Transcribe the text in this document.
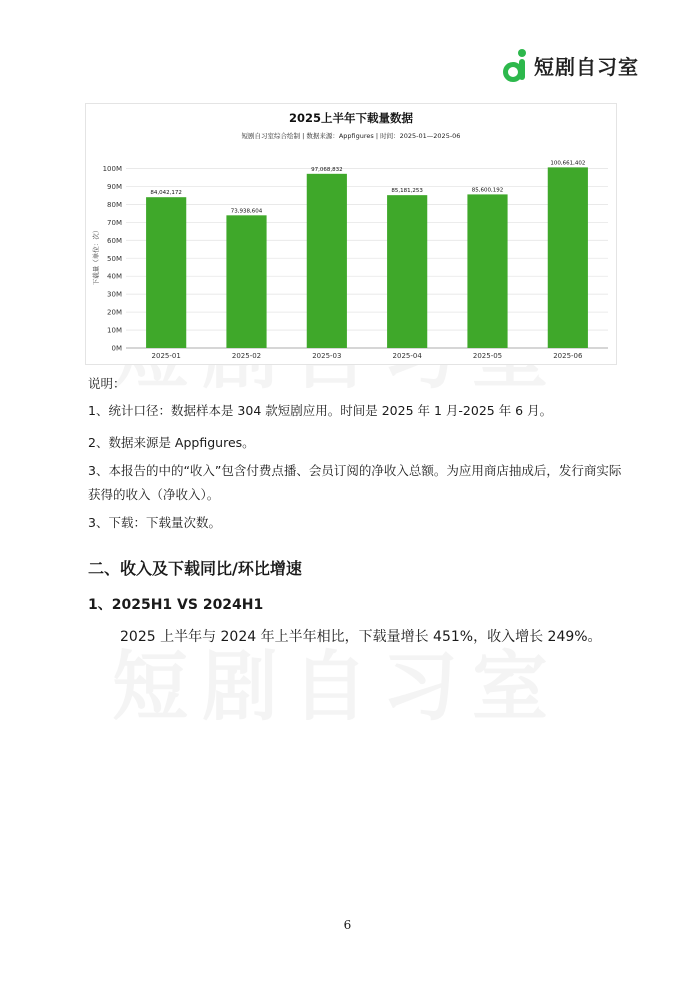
短剧自习室
2025上半年下载量数据
短剧自习室综合绘制 | 数据来源：Appfigures | 时间：2025-01—2025-06
下载量（单位：次）
0M
10M
20M
30M
40M
50M
60M
70M
80M
90M
100M
84,042,172
2025-01
73,938,604
2025-02
97,068,832
2025-03
85,181,253
2025-04
85,600,192
2025-05
100,661,402
2025-06
说明：
1、统计口径：数据样本是 304 款短剧应用。时间是 2025 年 1 月-2025 年 6 月。
2、数据来源是 Appfigures。
3、本报告的中的“收入”包含付费点播、会员订阅的净收入总额。为应用商店抽成后，发行商实际获得的收入（净收入）。
3、下载：下载量次数。
二、收入及下载同比/环比增速
1、2025H1 VS 2024H1
2025 上半年与 2024 年上半年相比，下载量增长 451%，收入增长 249%。
6
